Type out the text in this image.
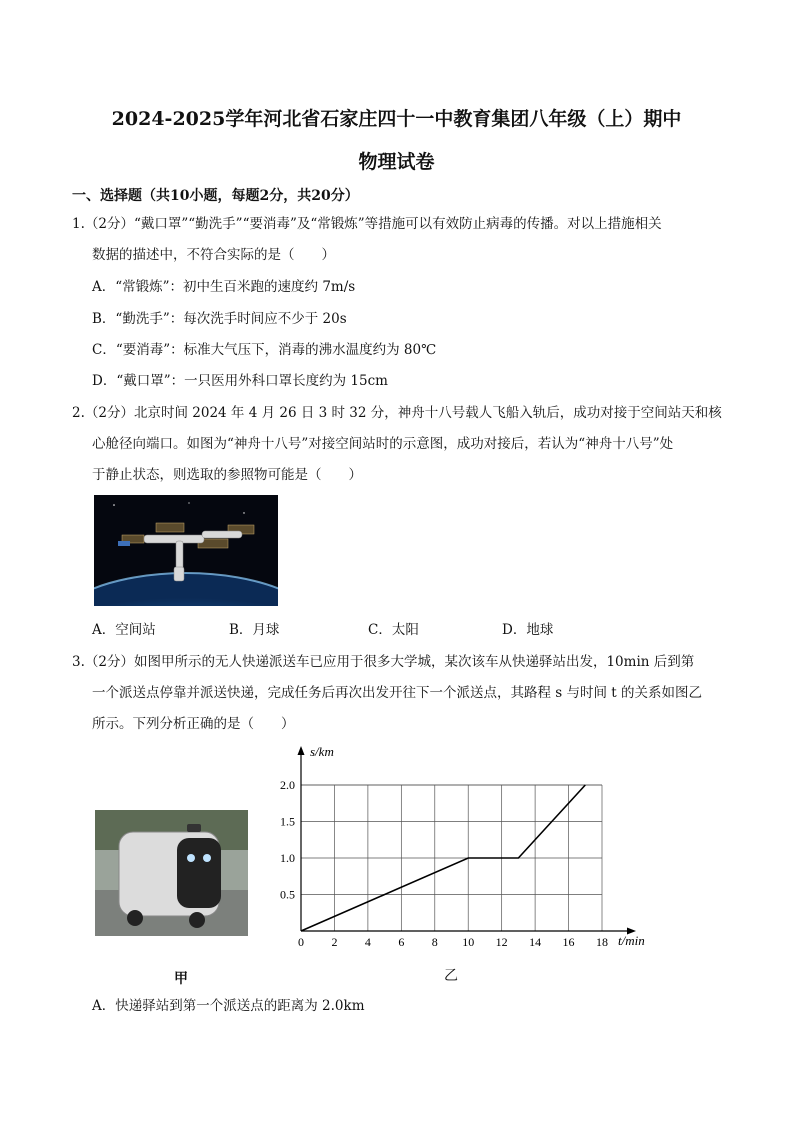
2024-2025学年河北省石家庄四十一中教育集团八年级（上）期中
物理试卷
一、选择题（共10小题，每题2分，共20分）
1.（2分）“戴口罩”“勤洗手”“要消毒”及“常锻炼”等措施可以有效防止病毒的传播。对以上措施相关
数据的描述中，不符合实际的是（　　）
A．“常锻炼”：初中生百米跑的速度约 7m/s
B．“勤洗手”：每次洗手时间应不少于 20s
C．“要消毒”：标准大气压下，消毒的沸水温度约为 80℃
D．“戴口罩”：一只医用外科口罩长度约为 15cm
2.（2分）北京时间 2024 年 4 月 26 日 3 时 32 分，神舟十八号载人飞船入轨后，成功对接于空间站天和核
心舱径向端口。如图为“神舟十八号”对接空间站时的示意图，成功对接后，若认为“神舟十八号”处
于静止状态，则选取的参照物可能是（　　）
A．空间站	B．月球	C．太阳	D．地球
3.（2分）如图甲所示的无人快递派送车已应用于很多大学城，某次该车从快递驿站出发，10min 后到第
一个派送点停靠并派送快递，完成任务后再次出发开往下一个派送点，其路程 s 与时间 t 的关系如图乙
所示。下列分析正确的是（　　）
甲
0 2 4 6 8 10 12 14 16 18
0.5
1.0
1.5
2.0
s/km
t/min
乙
A．快递驿站到第一个派送点的距离为 2.0km
